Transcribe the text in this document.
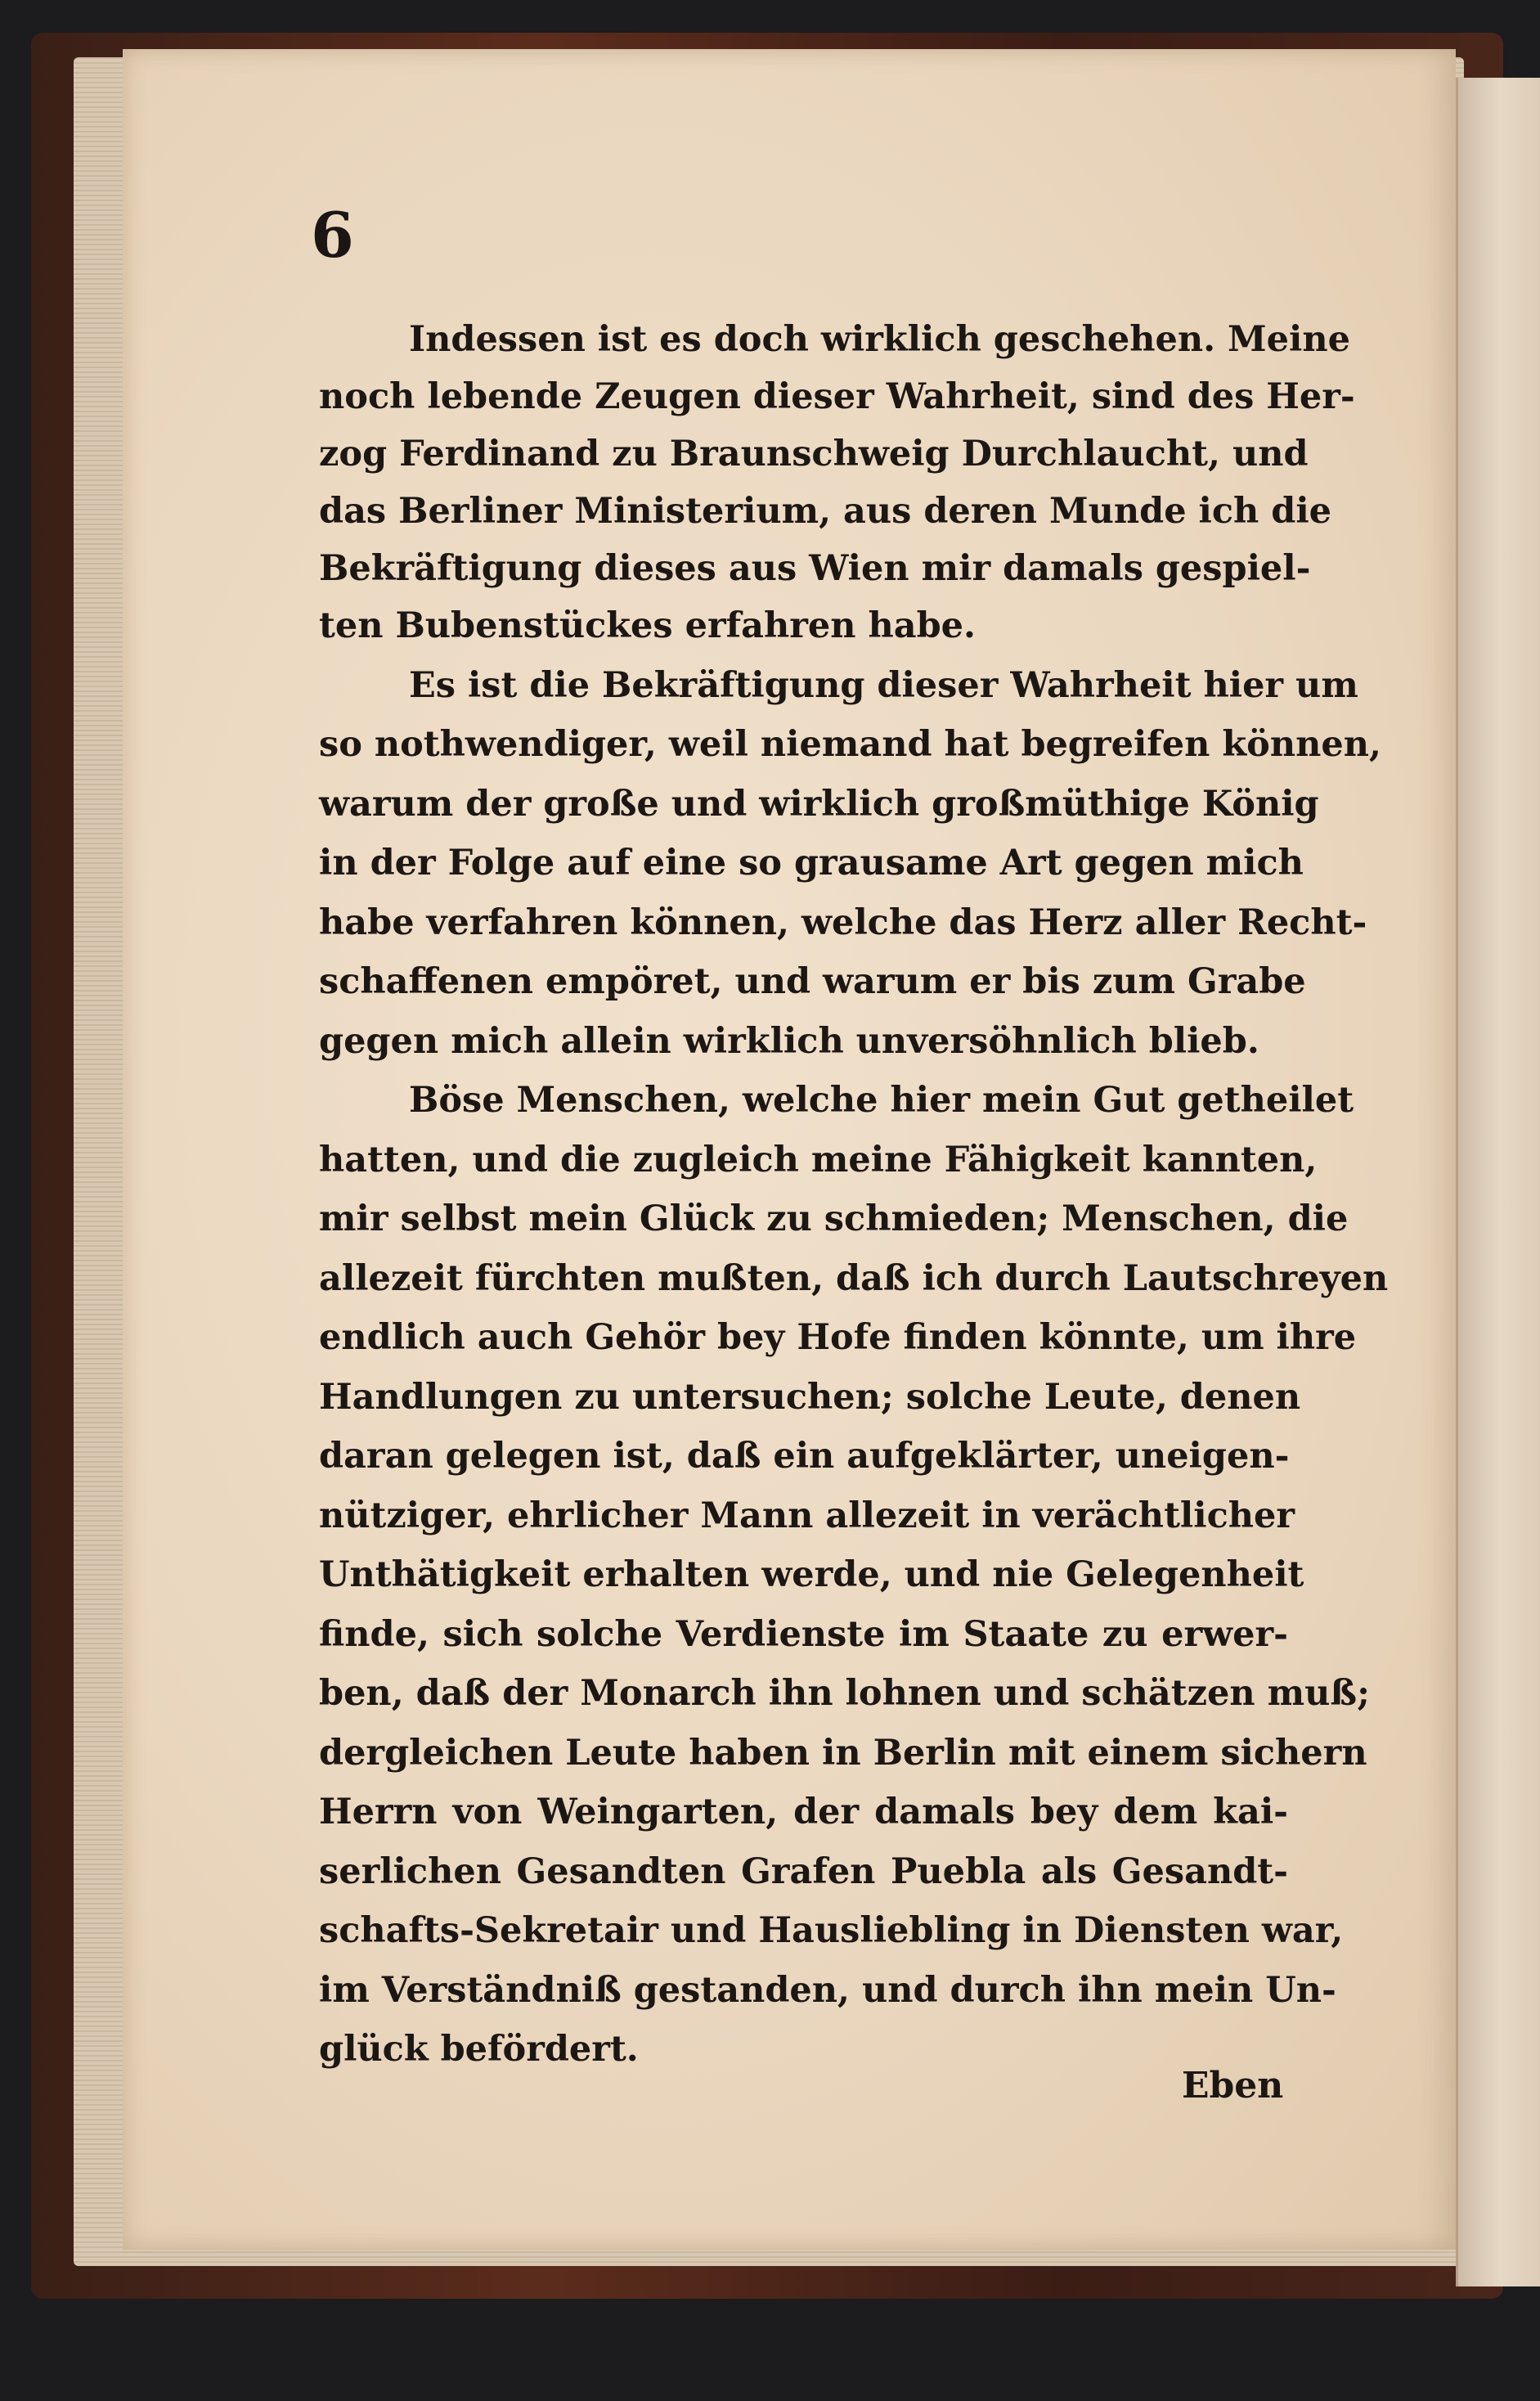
6
Indessen ist es doch wirklich geschehen. Meine
noch lebende Zeugen dieser Wahrheit, sind des Her-
zog Ferdinand zu Braunschweig Durchlaucht, und
das Berliner Ministerium, aus deren Munde ich die
Bekräftigung dieses aus Wien mir damals gespiel-
ten Bubenstückes erfahren habe.
Es ist die Bekräftigung dieser Wahrheit hier um
so nothwendiger, weil niemand hat begreifen können,
warum der große und wirklich großmüthige König
in der Folge auf eine so grausame Art gegen mich
habe verfahren können, welche das Herz aller Recht-
schaffenen empöret, und warum er bis zum Grabe
gegen mich allein wirklich unversöhnlich blieb.
Böse Menschen, welche hier mein Gut getheilet
hatten, und die zugleich meine Fähigkeit kannten,
mir selbst mein Glück zu schmieden; Menschen, die
allezeit fürchten mußten, daß ich durch Lautschreyen
endlich auch Gehör bey Hofe finden könnte, um ihre
Handlungen zu untersuchen; solche Leute, denen
daran gelegen ist, daß ein aufgeklärter, uneigen-
nütziger, ehrlicher Mann allezeit in verächtlicher
Unthätigkeit erhalten werde, und nie Gelegenheit
finde, sich solche Verdienste im Staate zu erwer-
ben, daß der Monarch ihn lohnen und schätzen muß;
dergleichen Leute haben in Berlin mit einem sichern
Herrn von Weingarten, der damals bey dem kai-
serlichen Gesandten Grafen Puebla als Gesandt-
schafts-Sekretair und Hausliebling in Diensten war,
im Verständniß gestanden, und durch ihn mein Un-
glück befördert.
Eben
